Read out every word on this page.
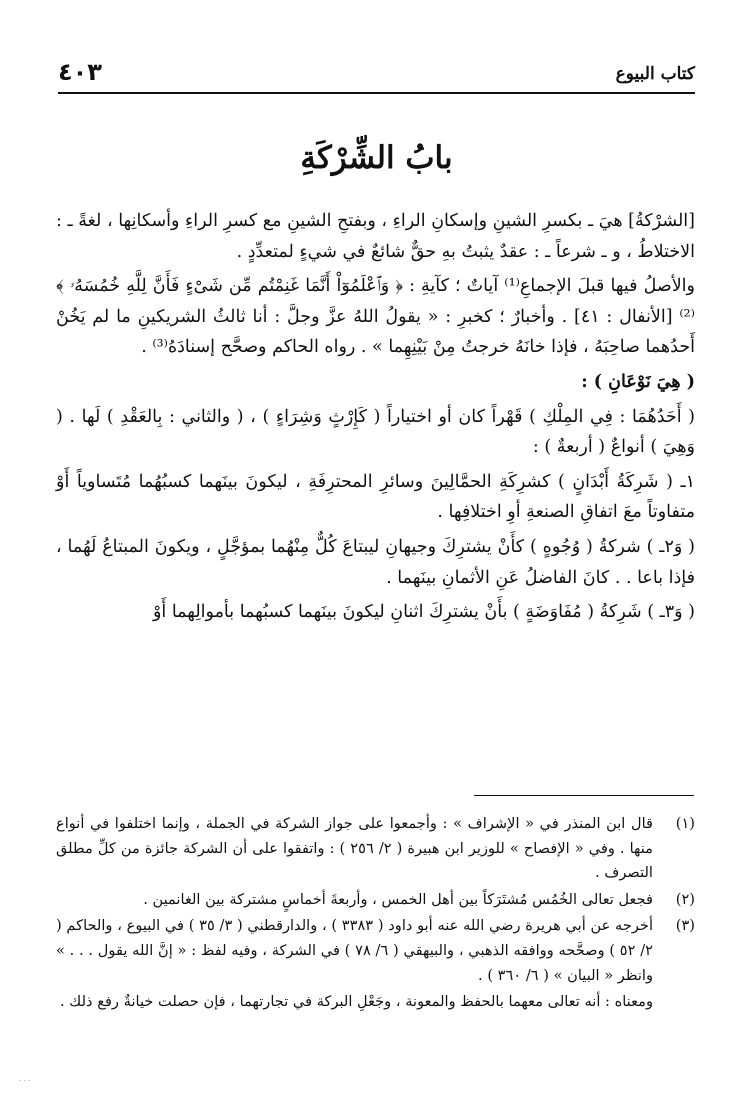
كتاب البيوع
٤٠٣
بابُ الشِّرْكَةِ

[الشرْكةُ] هيَ ـ بكسرِ الشينِ وإسكانِ الراءِ ، وبفتحِ الشينِ مع كسرِ الراءِ وأسكانِها ، لغةً ـ : الاختلاطُ ، و ـ شرعاً ـ : عقدٌ يثبتُ بهِ حقٌّ شائعٌ في شيءٍ لمتعدِّدٍ .

والأصلُ فيها قبلَ الإجماعِ⁽¹⁾ آياتٌ ؛ كآيةِ : ﴿ وَٱعْلَمُوٓاْ أَنَّمَا غَنِمْتُم مِّن شَىْءٍ فَأَنَّ لِلَّهِ خُمُسَهُۥ ﴾⁽²⁾ [الأنفال : ٤١] . وأخبارٌ ؛ كخبرِ : « يقولُ اللهُ عزَّ وجلَّ : أنا ثالثُ الشريكينِ ما لم يَخُنْ أَحدُهما صاحِبَهُ ، فإذا خانَهُ خرجتُ مِنْ بَيْنِهِما » . رواه الحاكم وصحَّح إسنادَهُ⁽³⁾ .

( هِيَ نَوْعَانِ ) :

( أَحَدُهُمَا : فِي المِلْكِ ) قَهْراً كان أو اختياراً ( كَإِرْثٍ وَشِرَاءٍ ) ، ( والثاني : بِالعَقْدِ ) لَها . ( وَهِيَ ) أنواعٌ ( أربعةٌ ) :

١ـ ( شَرِكَةُ أَبْدَانٍ ) كشرِكَةِ الحمَّالِينَ وسائرِ المحترِفَةِ ، ليكونَ بينَهما كسبُهُما مُتَساوياً أَوْ متفاوتاً معَ اتفاقِ الصنعةِ أوِ اختلافِها .

( وَ٢ـ ) شركةُ ( وُجُوهٍ ) كأَنْ يشترِكَ وجيهانِ ليبتاعَ كُلٌّ مِنْهُما بمؤجَّلٍ ، ويكونَ المبتاعُ لَهُما ، فإذا باعا . . كانَ الفاضلُ عَنِ الأثمانِ بينَهما .

( وَ٣ـ ) شَرِكةُ ( مُفَاوَضَةٍ ) بأَنْ يشترِكَ اثنانِ ليكونَ بينَهما كسبُهما بأموالِهما أَوْ

(١)
قال ابن المنذر في « الإشراف » : وأجمعوا على جواز الشركة في الجملة ، وإنما اختلفوا في أنواع منها . وفي « الإفصاح » للوزير ابن هبيرة ( ٢/ ٢٥٦ ) : واتفقوا على أن الشركة جائزة من كلِّ مطلق التصرف .
(٢)
فجعل تعالى الخُمُس مُشتَرَكاً بين أهل الخمس ، وأربعةَ أخماسٍ مشتركة بين الغانمين .
(٣)
أخرجه عن أبي هريرة رضي الله عنه أبو داود ( ٣٣٨٣ ) ، والدارقطني ( ٣/ ٣٥ ) في البيوع ، والحاكم ( ٢/ ٥٢ ) وصحَّحه ووافقه الذهبي ، والبيهقي ( ٦/ ٧٨ ) في الشركة ، وفيه لفظ : « إنَّ الله يقول . . . » وانظر « البيان » ( ٦/ ٣٦٠ ) .
ومعناه : أنه تعالى معهما بالحفظ والمعونة ، وجَعْلِ البركة في تجارتهما ، فإن حصلت خيانةٌ رفع ذلك .
˙˙˙
